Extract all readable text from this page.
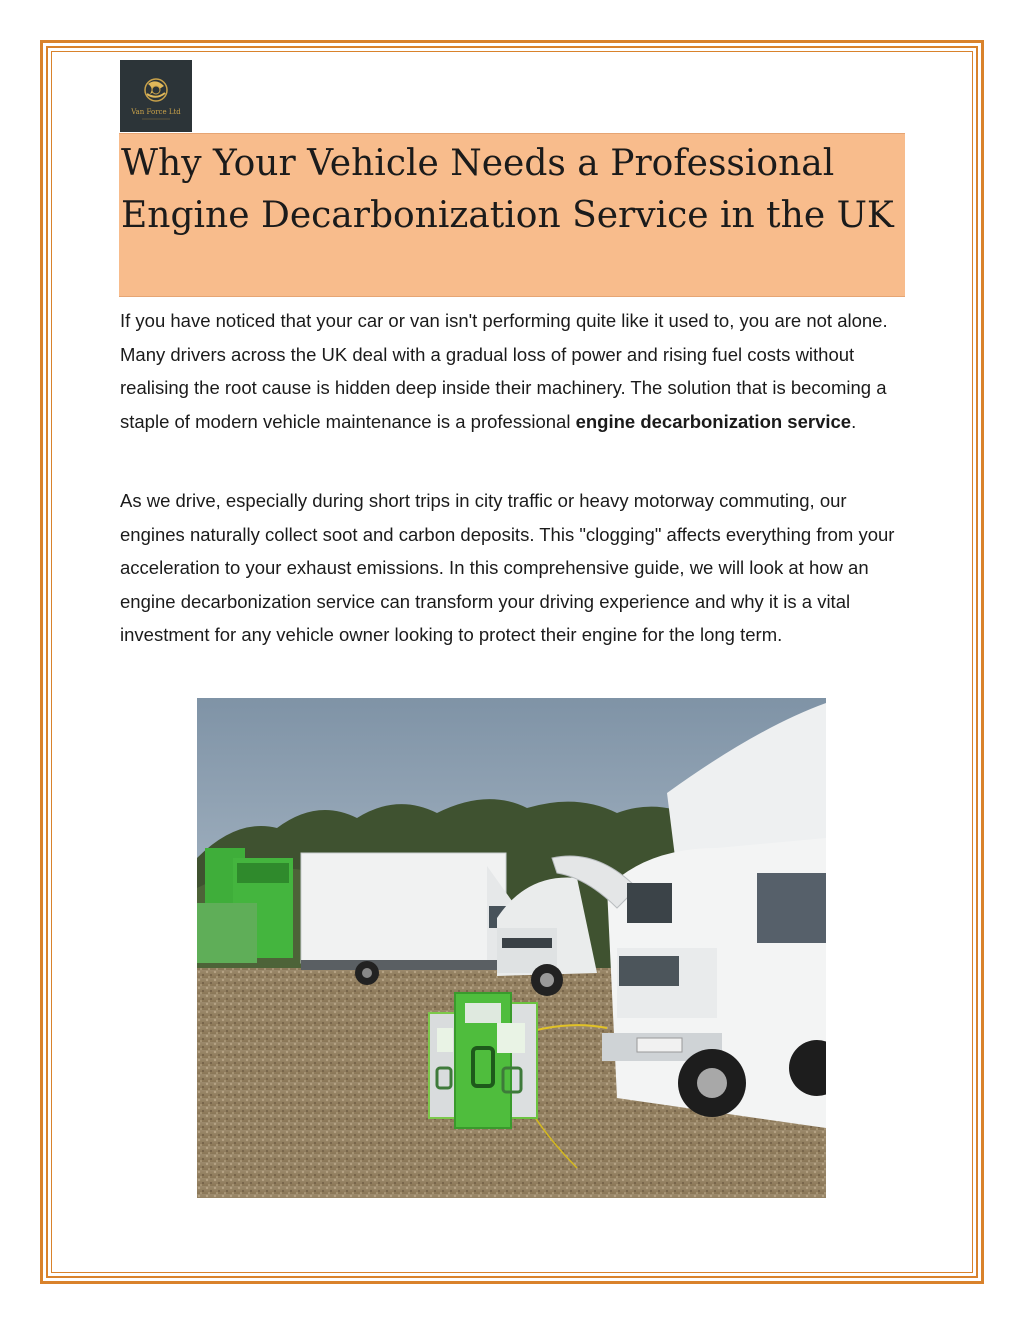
Van Force Ltd
Why Your Vehicle Needs a Professional Engine Decarbonization Service in the UK

If you have noticed that your car or van isn't performing quite like it used to, you are not alone. Many drivers across the UK deal with a gradual loss of power and rising fuel costs without realising the root cause is hidden deep inside their machinery. The solution that is becoming a staple of modern vehicle maintenance is a professional engine decarbonization service.

As we drive, especially during short trips in city traffic or heavy motorway commuting, our engines naturally collect soot and carbon deposits. This "clogging" affects everything from your acceleration to your exhaust emissions. In this comprehensive guide, we will look at how an engine decarbonization service can transform your driving experience and why it is a vital investment for any vehicle owner looking to protect their engine for the long term.
